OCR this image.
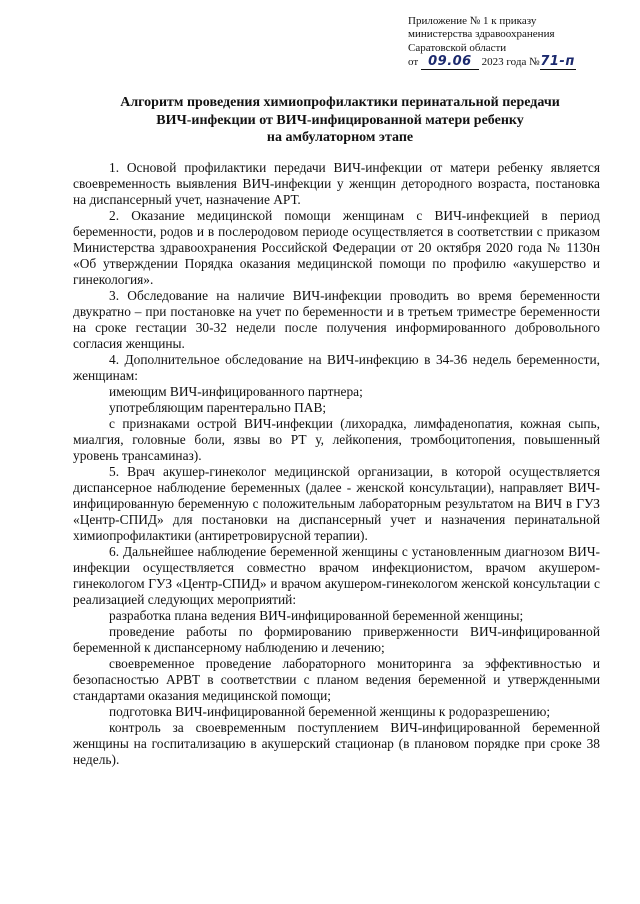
Приложение № 1 к приказу
министерства здравоохранения
Саратовской области
от 09.06 2023 года №71-п
Алгоритм проведения химиопрофилактики перинатальной передачи
ВИЧ-инфекции от ВИЧ-инфицированной матери ребенку
на амбулаторном этапе

1. Основой профилактики передачи ВИЧ-инфекции от матери ребенку является своевременность выявления ВИЧ-инфекции у женщин детородного возраста, постановка на диспансерный учет, назначение АРТ.

2. Оказание медицинской помощи женщинам с ВИЧ-инфекцией в период беременности, родов и в послеродовом периоде осуществляется в соответствии с приказом Министерства здравоохранения Российской Федерации от 20 октября 2020 года № 1130н «Об утверждении Порядка оказания медицинской помощи по профилю «акушерство и гинекология».

3. Обследование на наличие ВИЧ-инфекции проводить во время беременности двукратно – при постановке на учет по беременности и в третьем триместре беременности на сроке гестации 30-32 недели после получения информированного добровольного согласия женщины.

4. Дополнительное обследование на ВИЧ-инфекцию в 34-36 недель беременности, женщинам:

имеющим ВИЧ-инфицированного партнера;

употребляющим парентерально ПАВ;

с признаками острой ВИЧ-инфекции (лихорадка, лимфаденопатия, кожная сыпь, миалгия, головные боли, язвы во РТ у, лейкопения, тромбоцитопения, повышенный уровень трансаминаз).

5. Врач акушер-гинеколог медицинской организации, в которой осуществляется диспансерное наблюдение беременных (далее - женской консультации), направляет ВИЧ-инфицированную беременную с положительным лабораторным результатом на ВИЧ в ГУЗ «Центр-СПИД» для постановки на диспансерный учет и назначения перинатальной химиопрофилактики (антиретровирусной терапии).

6. Дальнейшее наблюдение беременной женщины с установленным диагнозом ВИЧ-инфекции осуществляется совместно врачом инфекционистом, врачом акушером-гинекологом ГУЗ «Центр-СПИД» и врачом акушером-гинекологом женской консультации с реализацией следующих мероприятий:

разработка плана ведения ВИЧ-инфицированной беременной женщины;

проведение работы по формированию приверженности ВИЧ-инфицированной беременной к диспансерному наблюдению и лечению;

своевременное проведение лабораторного мониторинга за эффективностью и безопасностью АРВТ в соответствии с планом ведения беременной и утвержденными стандартами оказания медицинской помощи;

подготовка ВИЧ-инфицированной беременной женщины к родоразрешению;

контроль за своевременным поступлением ВИЧ-инфицированной беременной женщины на госпитализацию в акушерский стационар (в плановом порядке при сроке 38 недель).
